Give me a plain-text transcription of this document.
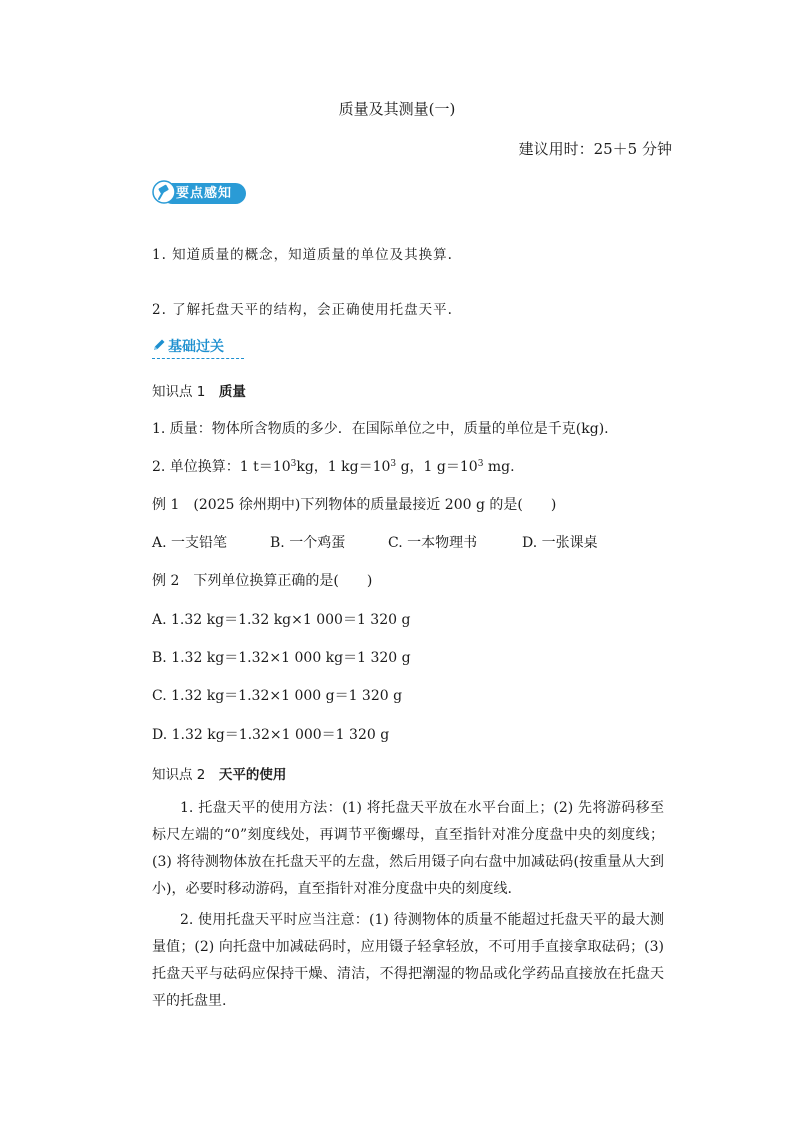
质量及其测量(一)
建议用时：25＋5 分钟
要点感知
1. 知道质量的概念，知道质量的单位及其换算.
2. 了解托盘天平的结构，会正确使用托盘天平.
基础过关
知识点 1　 质量
1. 质量：物体所含物质的多少．在国际单位之中，质量的单位是千克(kg).
2. 单位换算：1 $t=10^3kg$，1 $kg=10^3$ g，1 $g=10^3$ mg.
例 1　(2025 徐州期中)下列物体的质量最接近 200 g 的是(　　)
A. 一支铅笔	B. 一个鸡蛋	C. 一本物理书	D. 一张课桌
例 2　下列单位换算正确的是(　　)
A. 1.32 kg＝1.32 kg×1 000＝1 320 g
B. 1.32 kg＝1.32×1 000 kg＝1 320 g
C. 1.32 kg＝1.32×1 000 g＝1 320 g
D. 1.32 kg＝1.32×1 000＝1 320 g
知识点 2　 天平的使用
1. 托盘天平的使用方法：(1) 将托盘天平放在水平台面上；(2) 先将游码移至标尺左端的“0”刻度线处，再调节平衡螺母，直至指针对准分度盘中央的刻度线；(3) 将待测物体放在托盘天平的左盘，然后用镊子向右盘中加减砝码(按重量从大到小)，必要时移动游码，直至指针对准分度盘中央的刻度线.
2. 使用托盘天平时应当注意：(1) 待测物体的质量不能超过托盘天平的最大测量值；(2) 向托盘中加减砝码时，应用镊子轻拿轻放，不可用手直接拿取砝码；(3) 托盘天平与砝码应保持干燥、清洁，不得把潮湿的物品或化学药品直接放在托盘天平的托盘里.
